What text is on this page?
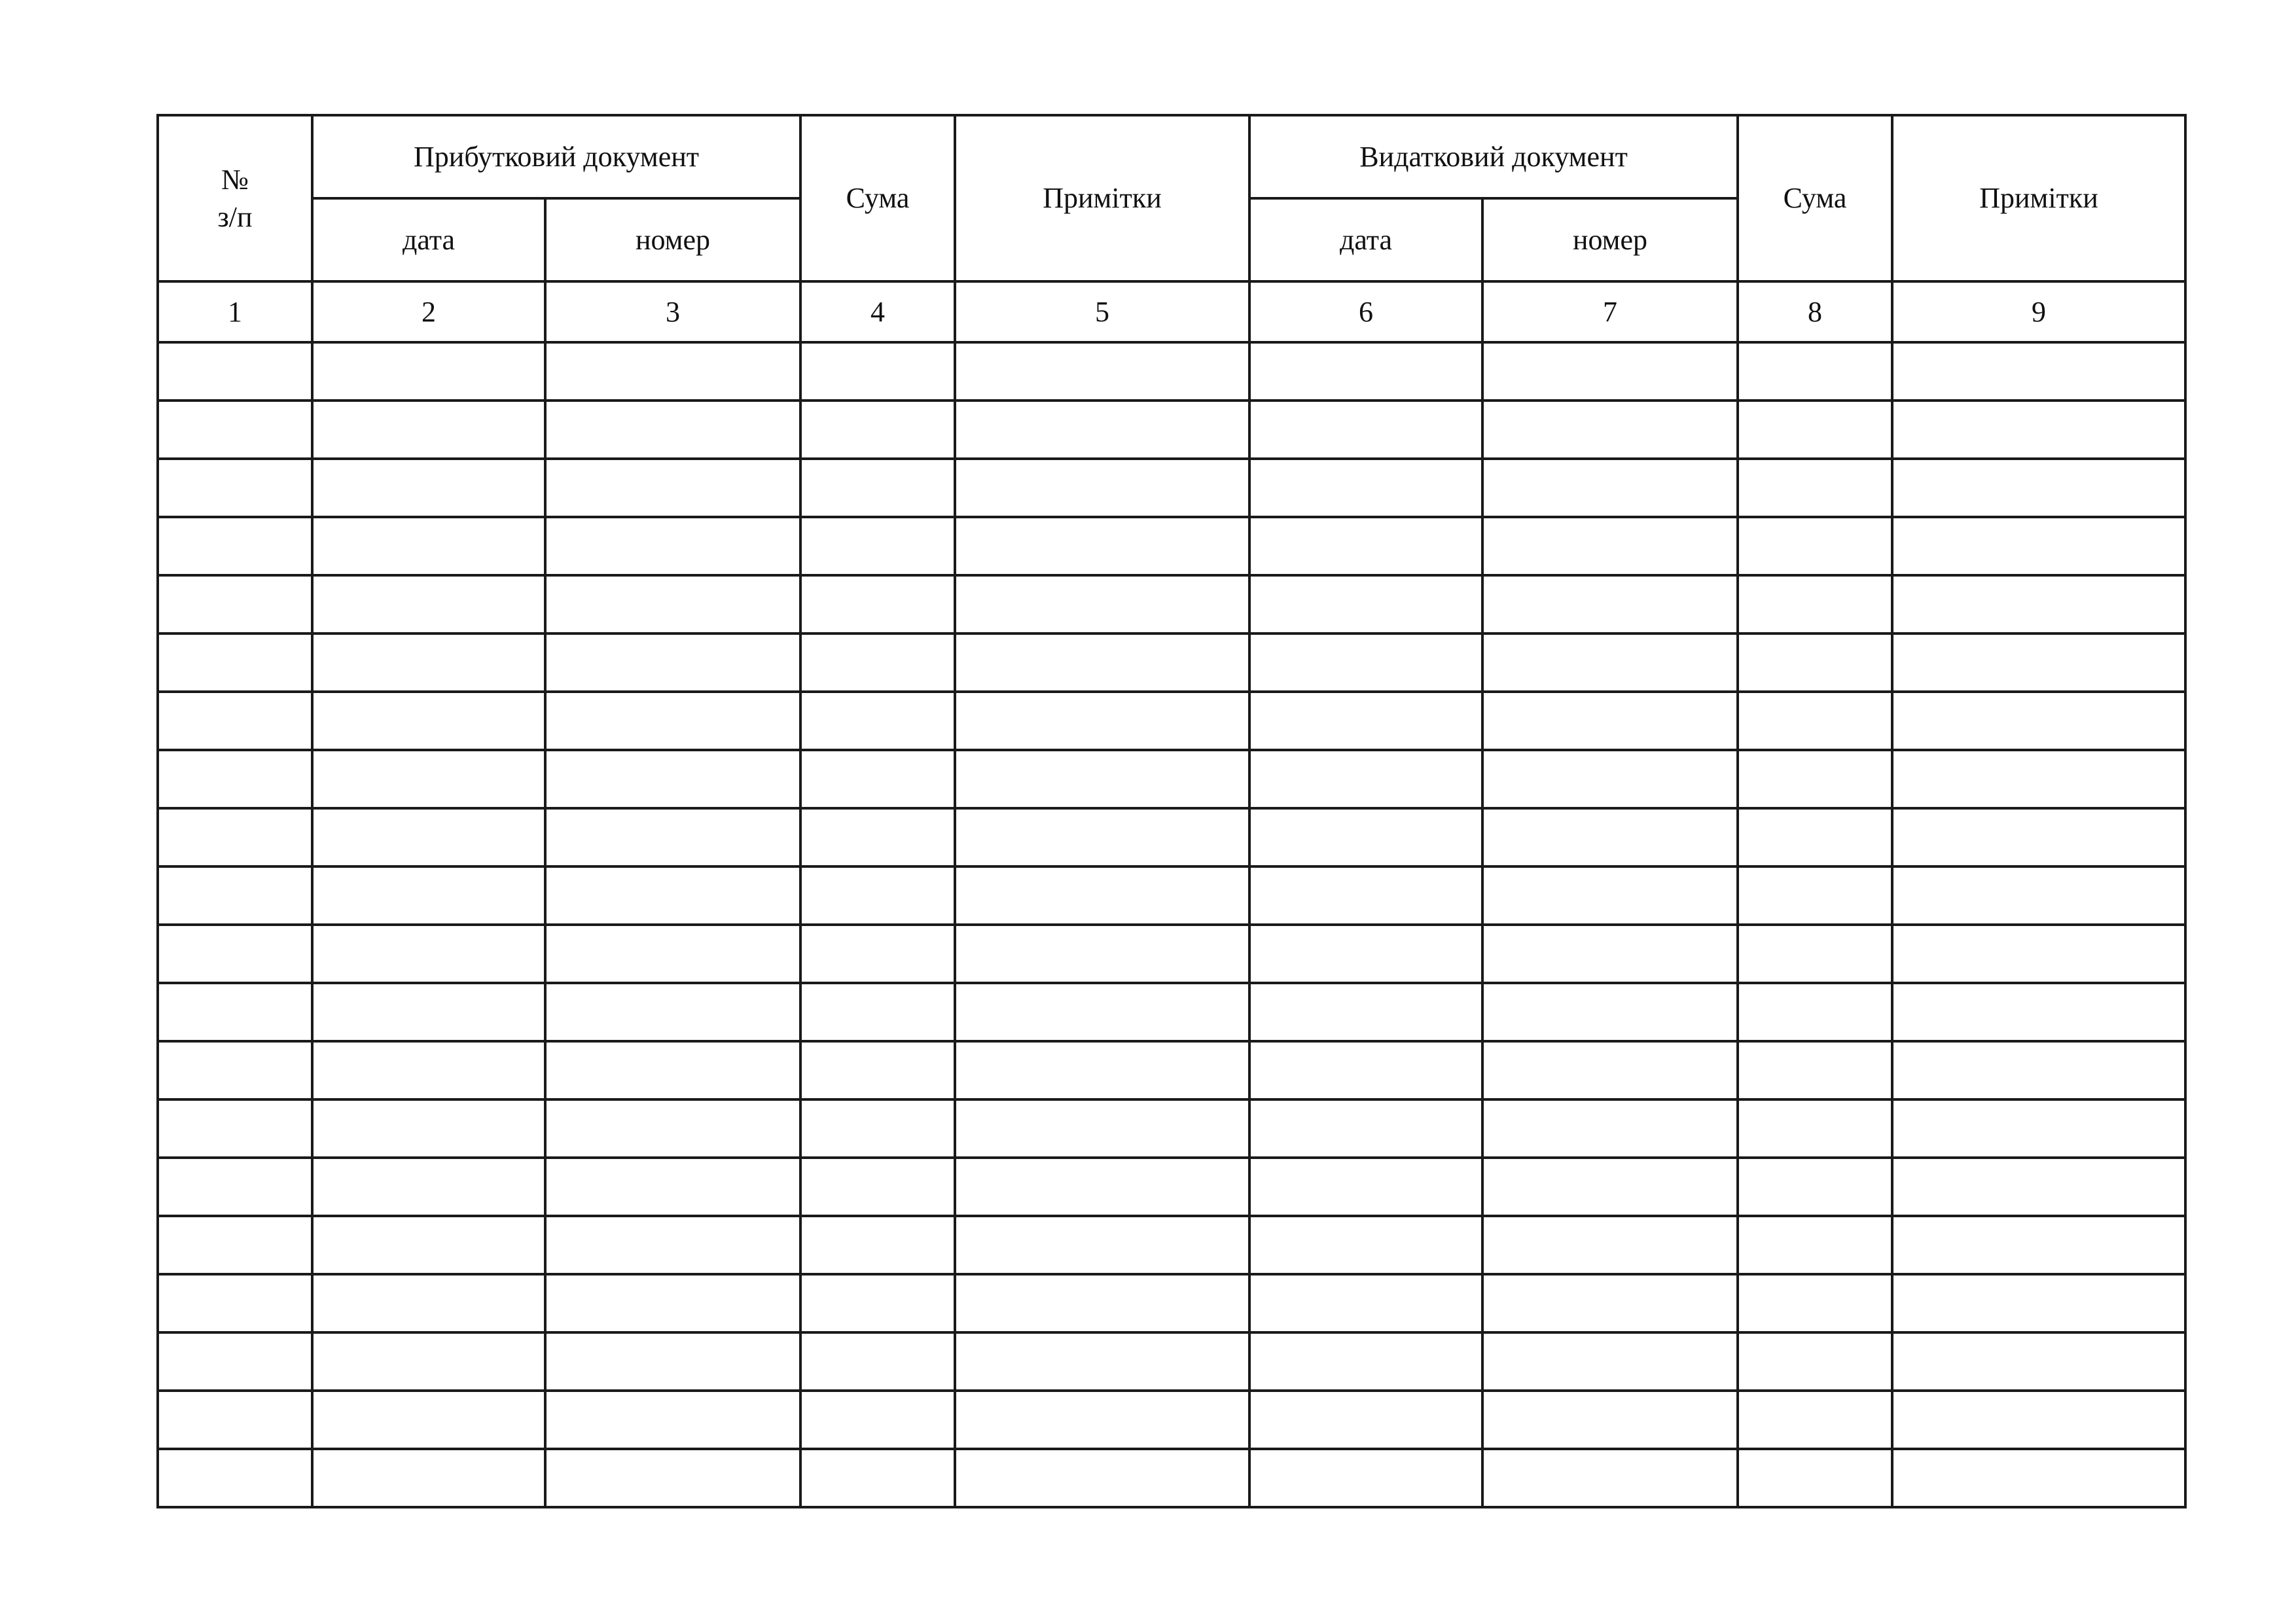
№
з/п	Прибутковий документ		Сума	Примітки	Видатковий документ		Сума	Примітки
	дата	номер			дата	номер		
1	2	3	4	5	6	7	8	9
